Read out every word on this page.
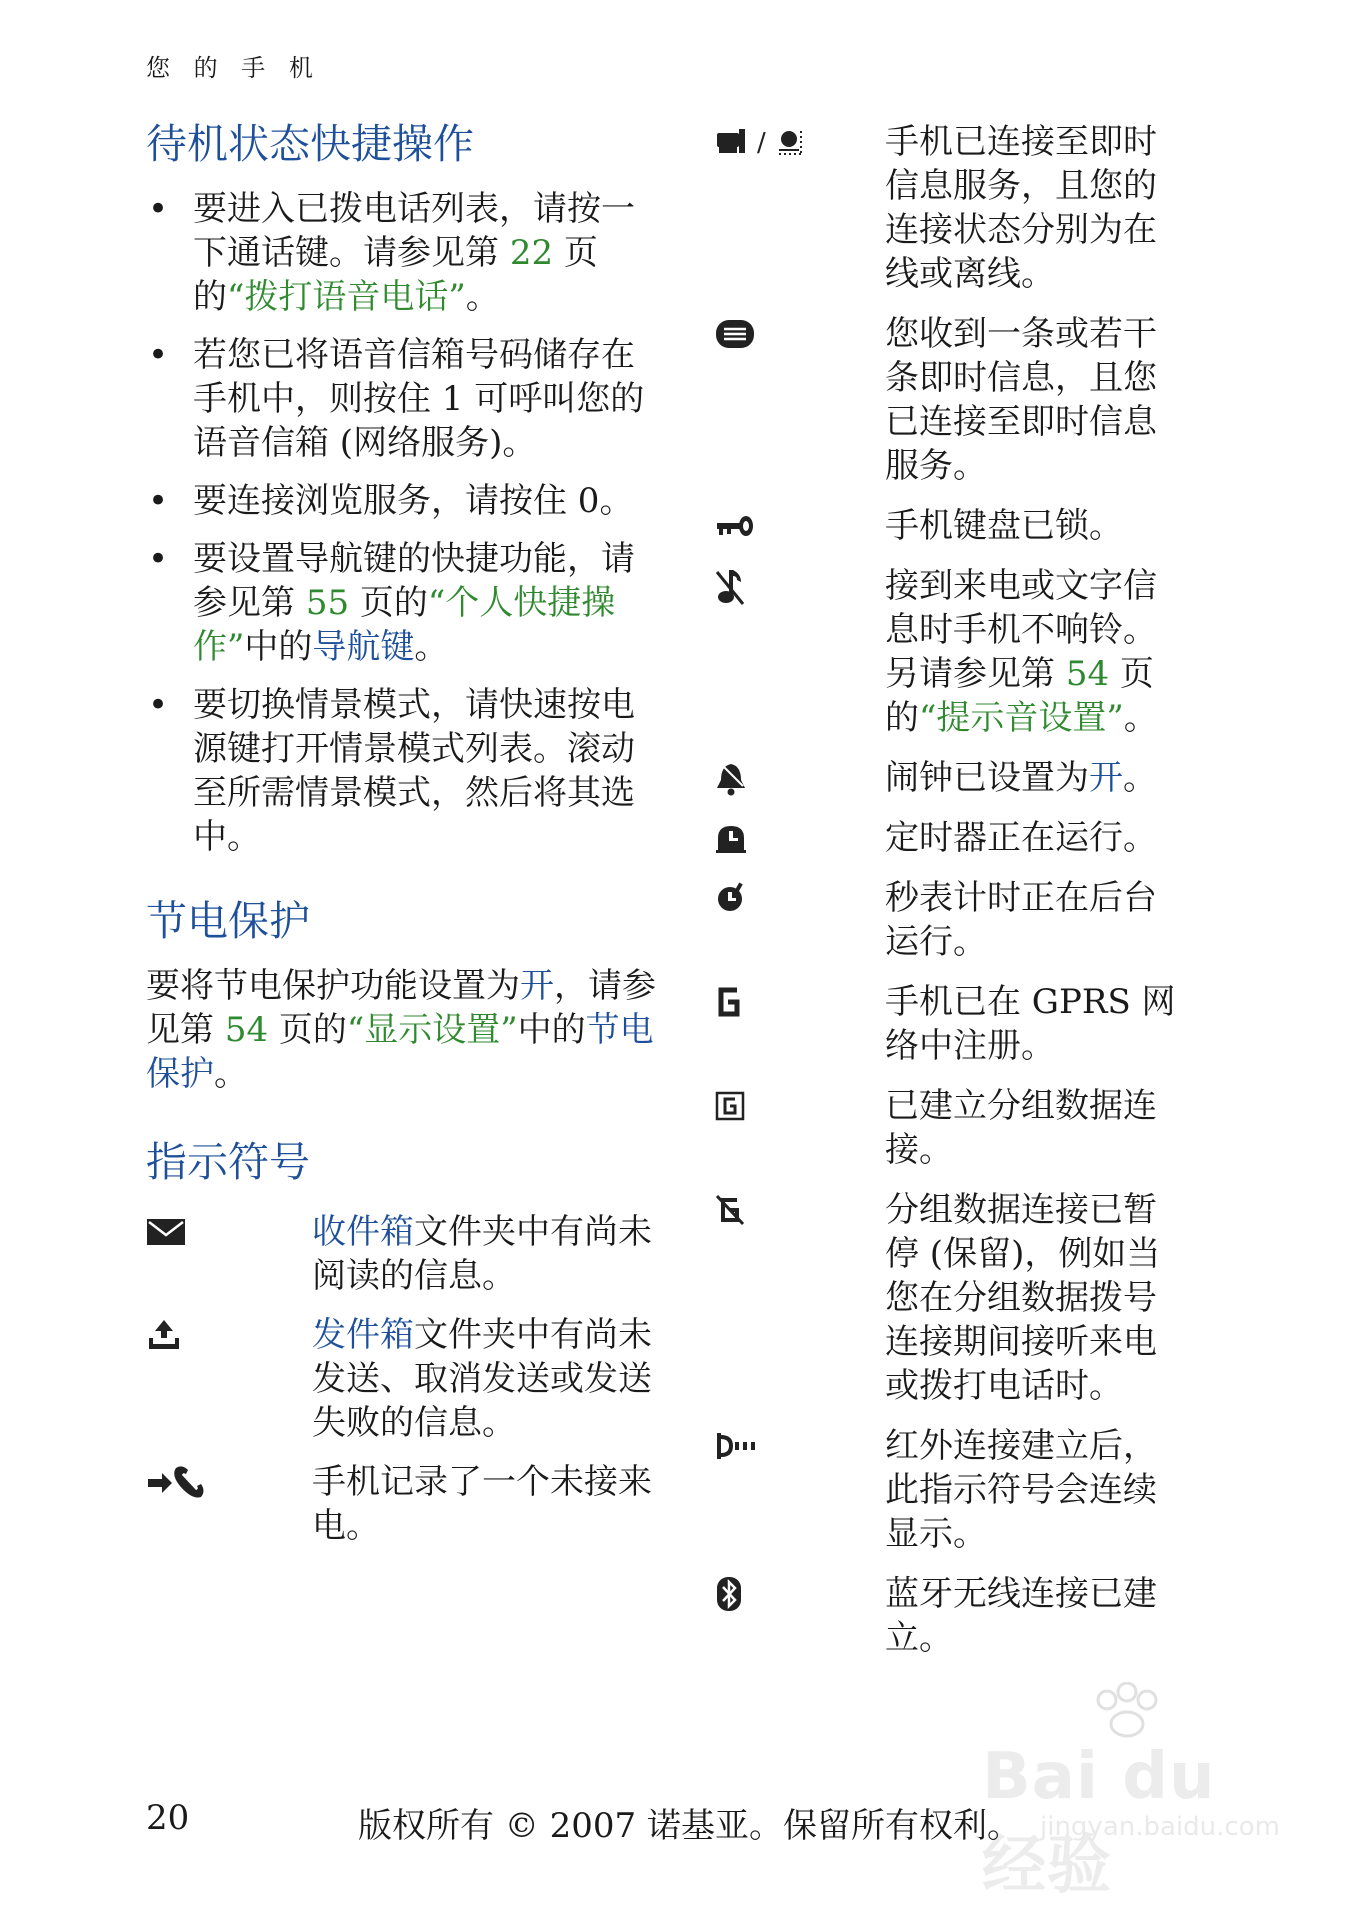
您 的 手 机
待机状态快捷操作
• 要进入已拨电话列表，请按一下通话键。请参见第 22 页的“拨打语音电话”。
• 若您已将语音信箱号码储存在手机中，则按住 1 可呼叫您的语音信箱 (网络服务)。
• 要连接浏览服务，请按住 0。
• 要设置导航键的快捷功能，请参见第 55 页的“个人快捷操作”中的导航键。
• 要切换情景模式，请快速按电源键打开情景模式列表。滚动至所需情景模式，然后将其选中。
节电保护
要将节电保护功能设置为开，请参见第 54 页的“显示设置”中的节电保护。
指示符号
收件箱文件夹中有尚未阅读的信息。
发件箱文件夹中有尚未发送、取消发送或发送失败的信息。
手机记录了一个未接来电。
/	手机已连接至即时信息服务，且您的连接状态分别为在线或离线。
您收到一条或若干条即时信息，且您已连接至即时信息服务。
手机键盘已锁。
接到来电或文字信息时手机不响铃。另请参见第 54 页的“提示音设置”。
闹钟已设置为开。
定时器正在运行。
秒表计时正在后台运行。
手机已在 GPRS 网络中注册。
已建立分组数据连接。
分组数据连接已暂停 (保留)，例如当您在分组数据拨号连接期间接听来电或拨打电话时。
红外连接建立后，此指示符号会连续显示。
蓝牙无线连接已建立。
Bai du 经验
jingyan.baidu.com
20	版权所有 © 2007 诺基亚。保留所有权利。
